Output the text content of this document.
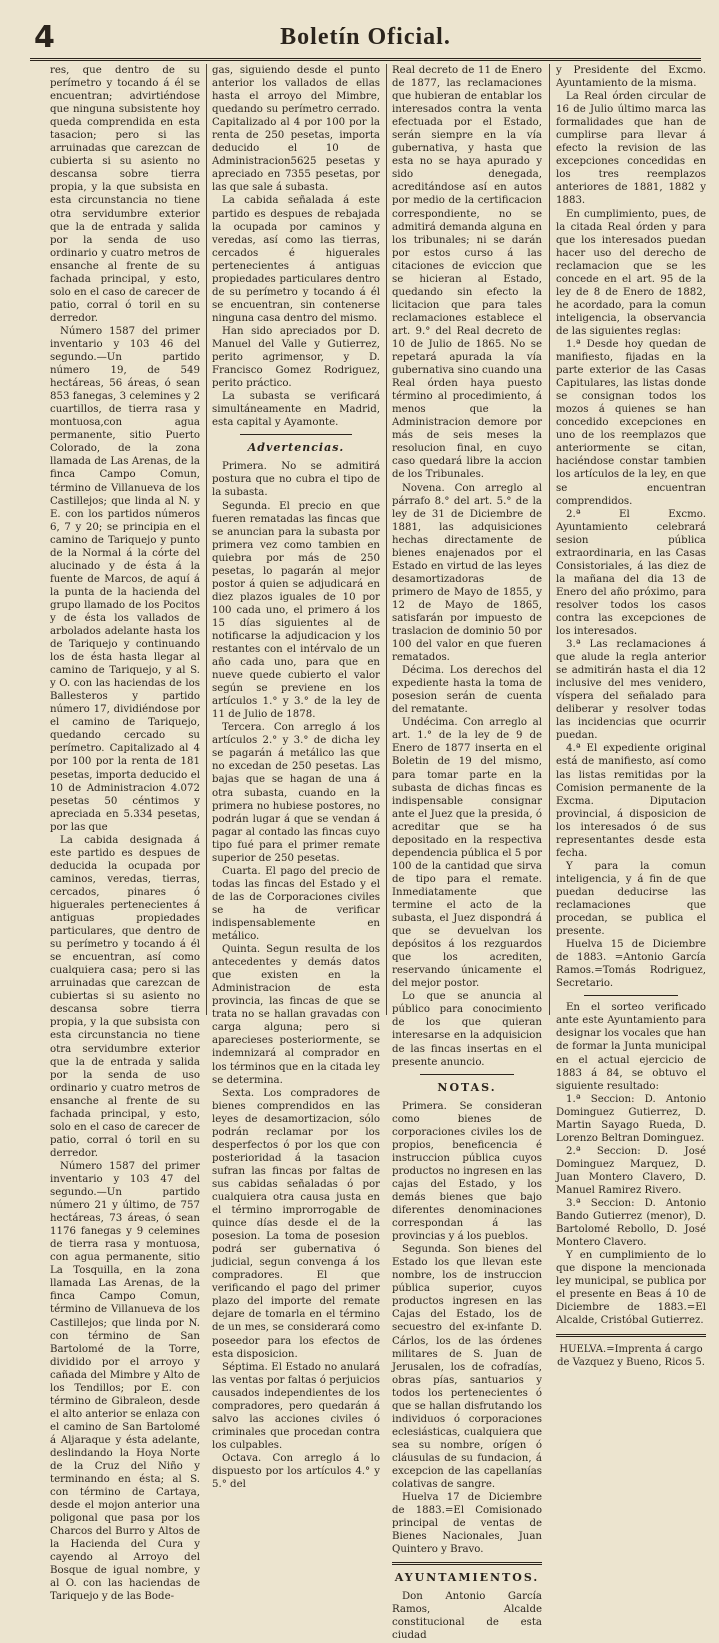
4	Boletín Oficial.

res, que dentro de su perímetro y tocando á él se encuentran; advirtiéndose que ninguna subsistente hoy queda comprendida en esta tasacion; pero si las arruinadas que carezcan de cubierta si su asiento no descansa sobre tierra propia, y la que subsista en esta circunstancia no tiene otra servidumbre exterior que la de entrada y salida por la senda de uso ordinario y cuatro metros de ensanche al frente de su fachada principal, y esto, solo en el caso de carecer de patio, corral ó toril en su derredor.

Número 1587 del primer inventario y 103 46 del segundo.—Un partido número 19, de 549 hectáreas, 56 áreas, ó sean 853 fanegas, 3 celemines y 2 cuartillos, de tierra rasa y montuosa,con agua permanente, sitio Puerto Colorado, de la zona llamada de Las Arenas, de la finca Campo Comun, término de Villanueva de los Castillejos; que linda al N. y E. con los partidos números 6, 7 y 20; se principia en el camino de Tariquejo y punto de la Normal á la córte del alucinado y de ésta á la fuente de Marcos, de aquí á la punta de la hacienda del grupo llamado de los Pocitos y de ésta los vallados de arbolados adelante hasta los de Tariquejo y continuando los de ésta hasta llegar al camino de Tariquejo, y al S. y O. con las haciendas de los Ballesteros y partido número 17, dividiéndose por el camino de Tariquejo, quedando cercado su perímetro. Capitalizado al 4 por 100 por la renta de 181 pesetas, importa deducido el 10 de Administracion 4.072 pesetas 50 céntimos y apreciada en 5.334 pesetas, por las que

La cabida designada á este partido es despues de deducida la ocupada por caminos, veredas, tierras, cercados, pinares ó higuerales pertenecientes á antiguas propiedades particulares, que dentro de su perímetro y tocando á él se encuentran, así como cualquiera casa; pero si las arruinadas que carezcan de cubiertas si su asiento no descansa sobre tierra propia, y la que subsista con esta circunstancia no tiene otra servidumbre exterior que la de entrada y salida por la senda de uso ordinario y cuatro metros de ensanche al frente de su fachada principal, y esto, solo en el caso de carecer de patio, corral ó toril en su derredor.

Número 1587 del primer inventario y 103 47 del segundo.—Un partido número 21 y último, de 757 hectáreas, 73 áreas, ó sean 1176 fanegas y 9 celemines de tierra rasa y montuosa, con agua permanente, sitio La Tosquilla, en la zona llamada Las Arenas, de la finca Campo Comun, término de Villanueva de los Castillejos; que linda por N. con término de San Bartolomé de la Torre, dividido por el arroyo y cañada del Mimbre y Alto de los Tendillos; por E. con término de Gibraleon, desde el alto anterior se enlaza con el camino de San Bartolomé á Aljaraque y ésta adelante, deslindando la Hoya Norte de la Cruz del Niño y terminando en ésta; al S. con término de Cartaya, desde el mojon anterior una poligonal que pasa por los Charcos del Burro y Altos de la Hacienda del Cura y cayendo al Arroyo del Bosque de igual nombre, y al O. con las haciendas de Tariquejo y de las Bode-

gas, siguiendo desde el punto anterior los vallados de ellas hasta el arroyo del Mimbre, quedando su perímetro cerrado. Capitalizado al 4 por 100 por la renta de 250 pesetas, importa deducido el 10 de Administracion5625 pesetas y apreciado en 7355 pesetas, por las que sale á subasta.

La cabida señalada á este partido es despues de rebajada la ocupada por caminos y veredas, así como las tierras, cercados é higuerales pertenecientes á antiguas propiedades particulares dentro de su perímetro y tocando á él se encuentran, sin contenerse ninguna casa dentro del mismo.

Han sido apreciados por D. Manuel del Valle y Gutierrez, perito agrimensor, y D. Francisco Gomez Rodriguez, perito práctico.

La subasta se verificará simultáneamente en Madrid, esta capital y Ayamonte.

Advertencias.

Primera. No se admitirá postura que no cubra el tipo de la subasta.

Segunda. El precio en que fueren rematadas las fincas que se anuncian para la subasta por primera vez como tambien en quiebra por más de 250 pesetas, lo pagarán al mejor postor á quien se adjudicará en diez plazos iguales de 10 por 100 cada uno, el primero á los 15 días siguientes al de notificarse la adjudicacion y los restantes con el intérvalo de un año cada uno, para que en nueve quede cubierto el valor según se previene en los artículos 1.° y 3.° de la ley de 11 de Julio de 1878.

Tercera. Con arreglo á los artículos 2.° y 3.° de dicha ley se pagarán á metálico las que no excedan de 250 pesetas. Las bajas que se hagan de una á otra subasta, cuando en la primera no hubiese postores, no podrán lugar á que se vendan á pagar al contado las fincas cuyo tipo fué para el primer remate superior de 250 pesetas.

Cuarta. El pago del precio de todas las fincas del Estado y el de las de Corporaciones civiles se ha de verificar indispensablemente en metálico.

Quinta. Segun resulta de los antecedentes y demás datos que existen en la Administracion de esta provincia, las fincas de que se trata no se hallan gravadas con carga alguna; pero si aparecieses posteriormente, se indemnizará al comprador en los términos que en la citada ley se determina.

Sexta. Los compradores de bienes comprendidos en las leyes de desamortizacion, sólo podrán reclamar por los desperfectos ó por los que con posterioridad á la tasacion sufran las fincas por faltas de sus cabidas señaladas ó por cualquiera otra causa justa en el término improrrogable de quince días desde el de la posesion. La toma de posesion podrá ser gubernativa ó judicial, segun convenga á los compradores. El que verificando el pago del primer plazo del importe del remate dejare de tomarla en el término de un mes, se considerará como poseedor para los efectos de esta disposicion.

Séptima. El Estado no anulará las ventas por faltas ó perjuicios causados independientes de los compradores, pero quedarán á salvo las acciones civiles ó criminales que procedan contra los culpables.

Octava. Con arreglo á lo dispuesto por los artículos 4.° y 5.° del

Real decreto de 11 de Enero de 1877, las reclamaciones que hubieran de entablar los interesados contra la venta efectuada por el Estado, serán siempre en la vía gubernativa, y hasta que esta no se haya apurado y sido denegada, acreditándose así en autos por medio de la certificacion correspondiente, no se admitirá demanda alguna en los tribunales; ni se darán por estos curso á las citaciones de eviccion que se hicieran al Estado, quedando sin efecto la licitacion que para tales reclamaciones establece el art. 9.° del Real decreto de 10 de Julio de 1865. No se repetará apurada la vía gubernativa sino cuando una Real órden haya puesto término al procedimiento, á menos que la Administracion demore por más de seis meses la resolucion final, en cuyo caso quedará libre la accion de los Tribunales.

Novena. Con arreglo al párrafo 8.° del art. 5.° de la ley de 31 de Diciembre de 1881, las adquisiciones hechas directamente de bienes enajenados por el Estado en virtud de las leyes desamortizadoras de primero de Mayo de 1855, y 12 de Mayo de 1865, satisfarán por impuesto de traslacion de dominio 50 por 100 del valor en que fueren rematados.

Décima. Los derechos del expediente hasta la toma de posesion serán de cuenta del rematante.

Undécima. Con arreglo al art. 1.° de la ley de 9 de Enero de 1877 inserta en el Boletin de 19 del mismo, para tomar parte en la subasta de dichas fincas es indispensable consignar ante el Juez que la presida, ó acreditar que se ha depositado en la respectiva dependencia pública el 5 por 100 de la cantidad que sirva de tipo para el remate. Inmediatamente que termine el acto de la subasta, el Juez dispondrá á que se devuelvan los depósitos á los rezguardos que los acrediten, reservando únicamente el del mejor postor.

Lo que se anuncia al público para conocimiento de los que quieran interesarse en la adquisicion de las fincas insertas en el presente anuncio.

NOTAS.

Primera. Se consideran como bienes de corporaciones civiles los de propios, beneficencia é instruccion pública cuyos productos no ingresen en las cajas del Estado, y los demás bienes que bajo diferentes denominaciones correspondan á las provincias y á los pueblos.

Segunda. Son bienes del Estado los que llevan este nombre, los de instruccion pública superior, cuyos productos ingresen en las Cajas del Estado, los de secuestro del ex-infante D. Cárlos, los de las órdenes militares de S. Juan de Jerusalen, los de cofradías, obras pías, santuarios y todos los pertenecientes ó que se hallan disfrutando los individuos ó corporaciones eclesiásticas, cualquiera que sea su nombre, orígen ó cláusulas de su fundacion, á excepcion de las capellanías colativas de sangre.

Huelva 17 de Diciembre de 1883.=El Comisionado principal de ventas de Bienes Nacionales, Juan Quintero y Bravo.

AYUNTAMIENTOS.

Don Antonio García Ramos, Alcalde constitucional de esta ciudad

y Presidente del Excmo. Ayuntamiento de la misma.

La Real órden circular de 16 de Julio último marca las formalidades que han de cumplirse para llevar á efecto la revision de las excepciones concedidas en los tres reemplazos anteriores de 1881, 1882 y 1883.

En cumplimiento, pues, de la citada Real órden y para que los interesados puedan hacer uso del derecho de reclamacion que se les concede en el art. 95 de la ley de 8 de Enero de 1882, he acordado, para la comun inteligencia, la observancia de las siguientes reglas:

1.ª Desde hoy quedan de manifiesto, fijadas en la parte exterior de las Casas Capitulares, las listas donde se consignan todos los mozos á quienes se han concedido excepciones en uno de los reemplazos que anteriormente se citan, haciéndose constar tambien los artículos de la ley, en que se encuentran comprendidos.

2.ª El Excmo. Ayuntamiento celebrará sesion pública extraordinaria, en las Casas Consistoriales, á las diez de la mañana del dia 13 de Enero del año próximo, para resolver todos los casos contra las excepciones de los interesados.

3.ª Las reclamaciones á que alude la regla anterior se admitirán hasta el dia 12 inclusive del mes venidero, víspera del señalado para deliberar y resolver todas las incidencias que ocurrir puedan.

4.ª El expediente original está de manifiesto, así como las listas remitidas por la Comision permanente de la Excma. Diputacion provincial, á disposicion de los interesados ó de sus representantes desde esta fecha.

Y para la comun inteligencia, y á fin de que puedan deducirse las reclamaciones que procedan, se publica el presente.

Huelva 15 de Diciembre de 1883. =Antonio García Ramos.=Tomás Rodriguez, Secretario.

En el sorteo verificado ante este Ayuntamiento para designar los vocales que han de formar la Junta municipal en el actual ejercicio de 1883 á 84, se obtuvo el siguiente resultado:

1.ª Seccion: D. Antonio Dominguez Gutierrez, D. Martin Sayago Rueda, D. Lorenzo Beltran Dominguez.

2.ª Seccion: D. José Dominguez Marquez, D. Juan Montero Clavero, D. Manuel Ramirez Rivero.

3.ª Seccion: D. Antonio Bando Gutierrez (menor), D. Bartolomé Rebollo, D. José Montero Clavero.

Y en cumplimiento de lo que dispone la mencionada ley municipal, se publica por el presente en Beas á 10 de Diciembre de 1883.=El Alcalde, Cristóbal Gutierrez.

HUELVA.=Imprenta á cargo de Vazquez y Bueno, Ricos 5.
